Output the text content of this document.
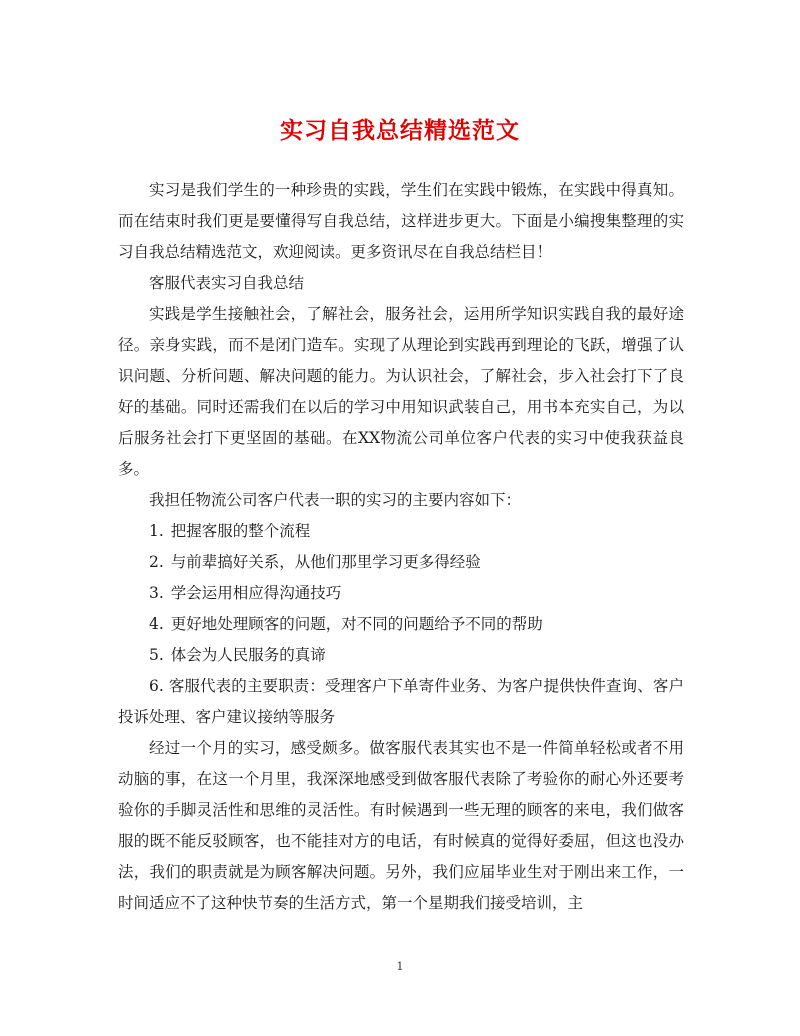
实习自我总结精选范文

实习是我们学生的一种珍贵的实践，学生们在实践中锻炼，在实践中得真知。而在结束时我们更是要懂得写自我总结，这样进步更大。下面是小编搜集整理的实习自我总结精选范文，欢迎阅读。更多资讯尽在自我总结栏目！

客服代表实习自我总结

实践是学生接触社会，了解社会，服务社会，运用所学知识实践自我的最好途径。亲身实践，而不是闭门造车。实现了从理论到实践再到理论的飞跃，增强了认识问题、分析问题、解决问题的能力。为认识社会，了解社会，步入社会打下了良好的基础。同时还需我们在以后的学习中用知识武装自己，用书本充实自己，为以后服务社会打下更坚固的基础。在XX物流公司单位客户代表的实习中使我获益良多。

我担任物流公司客户代表一职的实习的主要内容如下：

1. 把握客服的整个流程
2. 与前辈搞好关系，从他们那里学习更多得经验
3. 学会运用相应得沟通技巧
4. 更好地处理顾客的问题，对不同的问题给予不同的帮助
5. 体会为人民服务的真谛

6. 客服代表的主要职责：受理客户下单寄件业务、为客户提供快件查询、客户投诉处理、客户建议接纳等服务

经过一个月的实习，感受颇多。做客服代表其实也不是一件简单轻松或者不用动脑的事，在这一个月里，我深深地感受到做客服代表除了考验你的耐心外还要考验你的手脚灵活性和思维的灵活性。有时候遇到一些无理的顾客的来电，我们做客服的既不能反驳顾客，也不能挂对方的电话，有时候真的觉得好委屈，但这也没办法，我们的职责就是为顾客解决问题。另外，我们应届毕业生对于刚出来工作，一时间适应不了这种快节奏的生活方式，第一个星期我们接受培训，主

1
